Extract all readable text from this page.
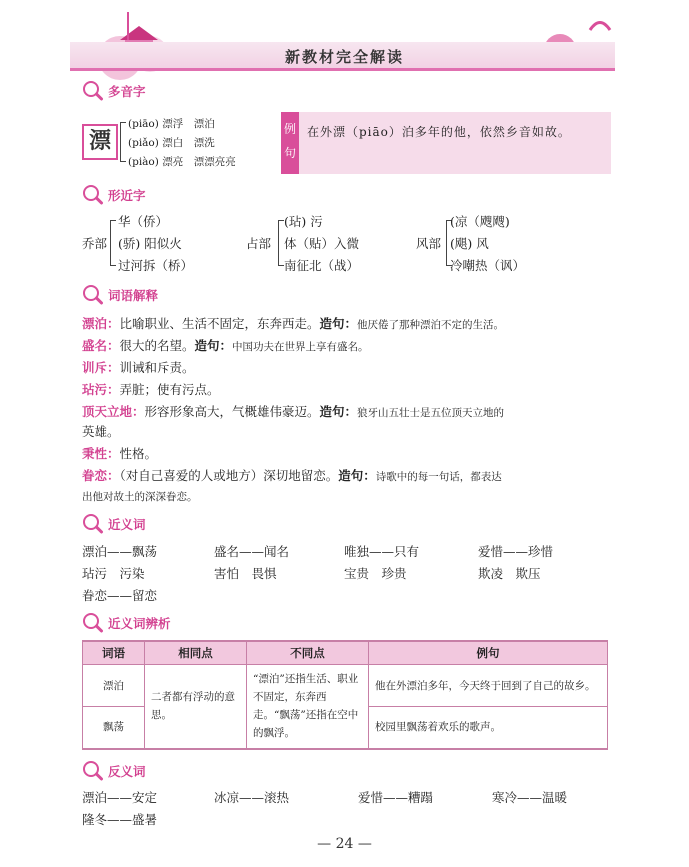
新教材完全解读
多音字
漂
(piāo) 漂浮　漂泊
(piǎo) 漂白　漂洗
(piào) 漂亮　漂漂亮亮
例句
在外漂（piāo）泊多年的他，依然乡音如故。
形近字
乔部
华（侨）
(骄) 阳似火
过河拆（桥）
占部
(玷) 污
体（贴）入微
南征北（战）
风部
(凉（飕飕)
(飓) 风
冷嘲热（讽）
词语解释
漂泊：比喻职业、生活不固定，东奔西走。造句：他厌倦了那种漂泊不定的生活。
盛名：很大的名望。造句：中国功夫在世界上享有盛名。
训斥：训诫和斥责。
玷污：弄脏；使有污点。
顶天立地：形容形象高大，气概雄伟豪迈。造句：狼牙山五壮士是五位顶天立地的
英雄。
秉性：性格。
眷恋：（对自己喜爱的人或地方）深切地留恋。造句：诗歌中的每一句话，都表达
出他对故土的深深眷恋。
近义词
漂泊——飘荡	盛名——闻名	唯独——只有	爱惜——珍惜
玷污　污染	害怕　畏惧	宝贵　珍贵	欺凌　欺压
眷恋——留恋
近义词辨析
词语	相同点	不同点	例句
漂泊	二者都有浮动的意思。	“漂泊”还指生活、职业不固定，东奔西走。“飘荡”还指在空中的飘浮。	他在外漂泊多年，今天终于回到了自己的故乡。
飘荡			校园里飘荡着欢乐的歌声。
反义词
漂泊——安定	冰凉——滚热	爱惜——糟蹋	寒冷——温暖
隆冬——盛暑
— 24 —
